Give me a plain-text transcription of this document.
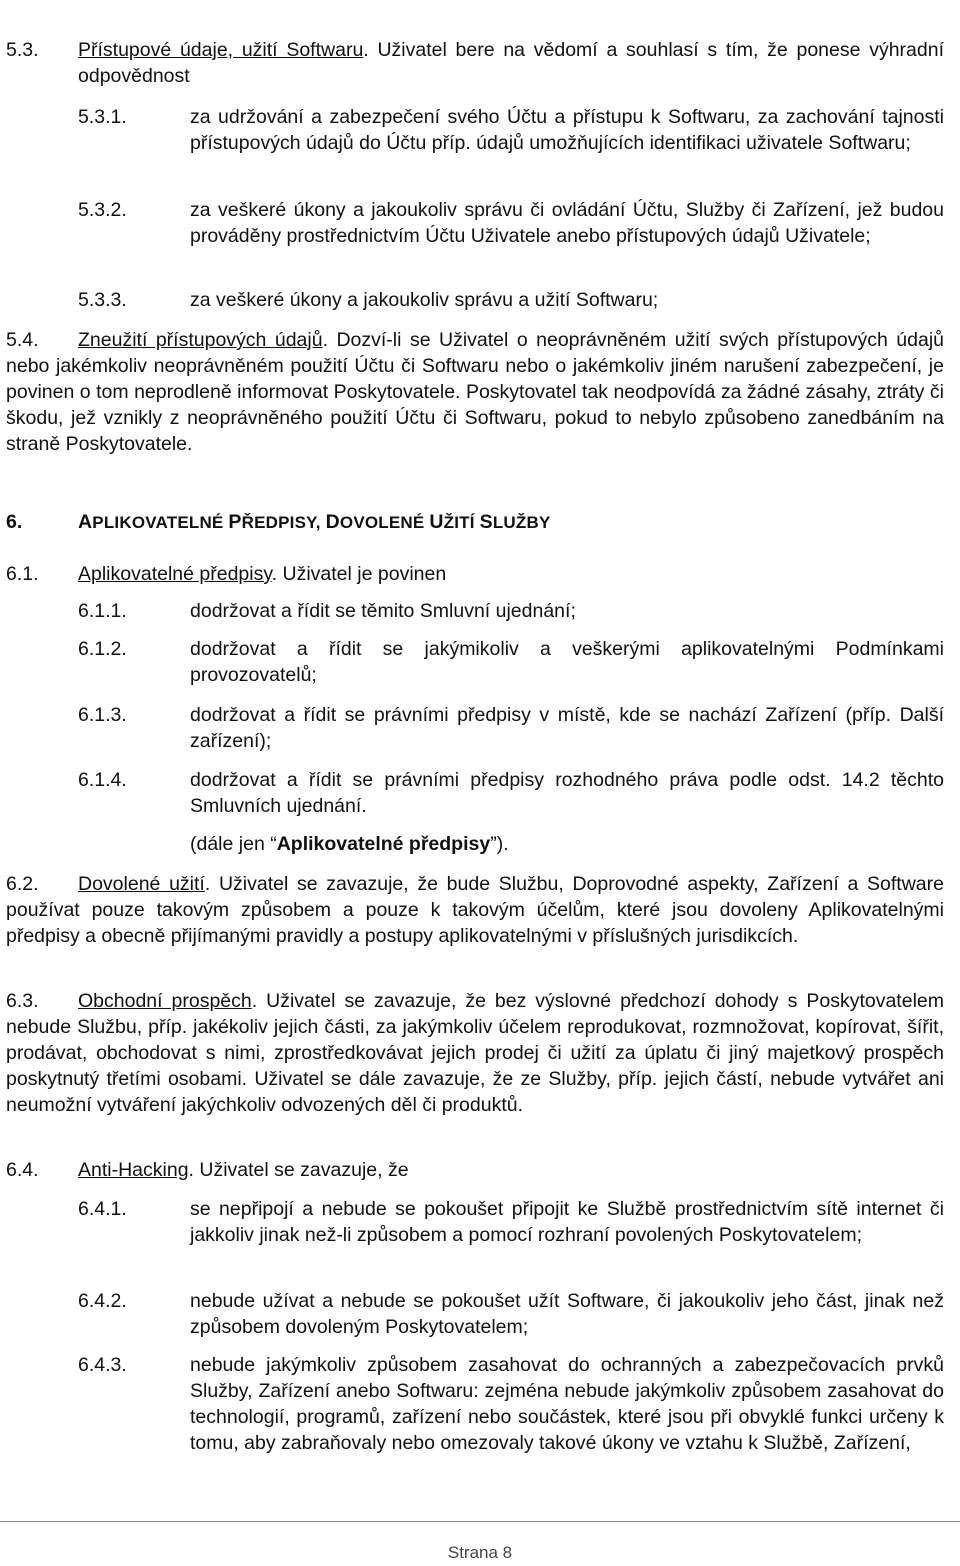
5.3. Přístupové údaje, užití Softwaru. Uživatel bere na vědomí a souhlasí s tím, že ponese výhradní odpovědnost
5.3.1.	za udržování a zabezpečení svého Účtu a přístupu k Softwaru, za zachování tajnosti přístupových údajů do Účtu příp. údajů umožňujících identifikaci uživatele Softwaru;
5.3.2.	za veškeré úkony a jakoukoliv správu či ovládání Účtu, Služby či Zařízení, jež budou prováděny prostřednictvím Účtu Uživatele anebo přístupových údajů Uživatele;
5.3.3.	za veškeré úkony a jakoukoliv správu a užití Softwaru;
5.4.	Zneužití přístupových údajů. Dozví-li se Uživatel o neoprávněném užití svých přístupových údajů nebo jakémkoliv neoprávněném použití Účtu či Softwaru nebo o jakémkoliv jiném narušení zabezpečení, je povinen o tom neprodleně informovat Poskytovatele. Poskytovatel tak neodpovídá za žádné zásahy, ztráty či škodu, jež vznikly z neoprávněného použití Účtu či Softwaru, pokud to nebylo způsobeno zanedbáním na straně Poskytovatele.
6.	APLIKOVATELNÉ PŘEDPISY, DOVOLENÉ UŽITÍ SLUŽBY
6.1. Aplikovatelné předpisy. Uživatel je povinen
6.1.1.	dodržovat a řídit se těmito Smluvní ujednání;
6.1.2.	dodržovat a řídit se jakýmikoliv a veškerými aplikovatelnými Podmínkami provozovatelů;
6.1.3.	dodržovat a řídit se právními předpisy v místě, kde se nachází Zařízení (příp. Další zařízení);
6.1.4.	dodržovat a řídit se právními předpisy rozhodného práva podle odst. 14.2 těchto Smluvních ujednání.
(dále jen “Aplikovatelné předpisy”).
6.2.	Dovolené užití. Uživatel se zavazuje, že bude Službu, Doprovodné aspekty, Zařízení a Software používat pouze takovým způsobem a pouze k takovým účelům, které jsou dovoleny Aplikovatelnými předpisy a obecně přijímanými pravidly a postupy aplikovatelnými v příslušných jurisdikcích.
6.3.	Obchodní prospěch. Uživatel se zavazuje, že bez výslovné předchozí dohody s Poskytovatelem nebude Službu, příp. jakékoliv jejich části, za jakýmkoliv účelem reprodukovat, rozmnožovat, kopírovat, šířit, prodávat, obchodovat s nimi, zprostředkovávat jejich prodej či užití za úplatu či jiný majetkový prospěch poskytnutý třetími osobami. Uživatel se dále zavazuje, že ze Služby, příp. jejich částí, nebude vytvářet ani neumožní vytváření jakýchkoliv odvozených děl či produktů.
6.4. Anti-Hacking. Uživatel se zavazuje, že
6.4.1.	se nepřipojí a nebude se pokoušet připojit ke Službě prostřednictvím sítě internet či jakkoliv jinak než-li způsobem a pomocí rozhraní povolených Poskytovatelem;
6.4.2.	nebude užívat a nebude se pokoušet užít Software, či jakoukoliv jeho část, jinak než způsobem dovoleným Poskytovatelem;
6.4.3.	nebude jakýmkoliv způsobem zasahovat do ochranných a zabezpečovacích prvků Služby, Zařízení anebo Softwaru: zejména nebude jakýmkoliv způsobem zasahovat do technologií, programů, zařízení nebo součástek, které jsou při obvyklé funkci určeny k tomu, aby zabraňovaly nebo omezovaly takové úkony ve vztahu k Službě, Zařízení,
Strana 8
